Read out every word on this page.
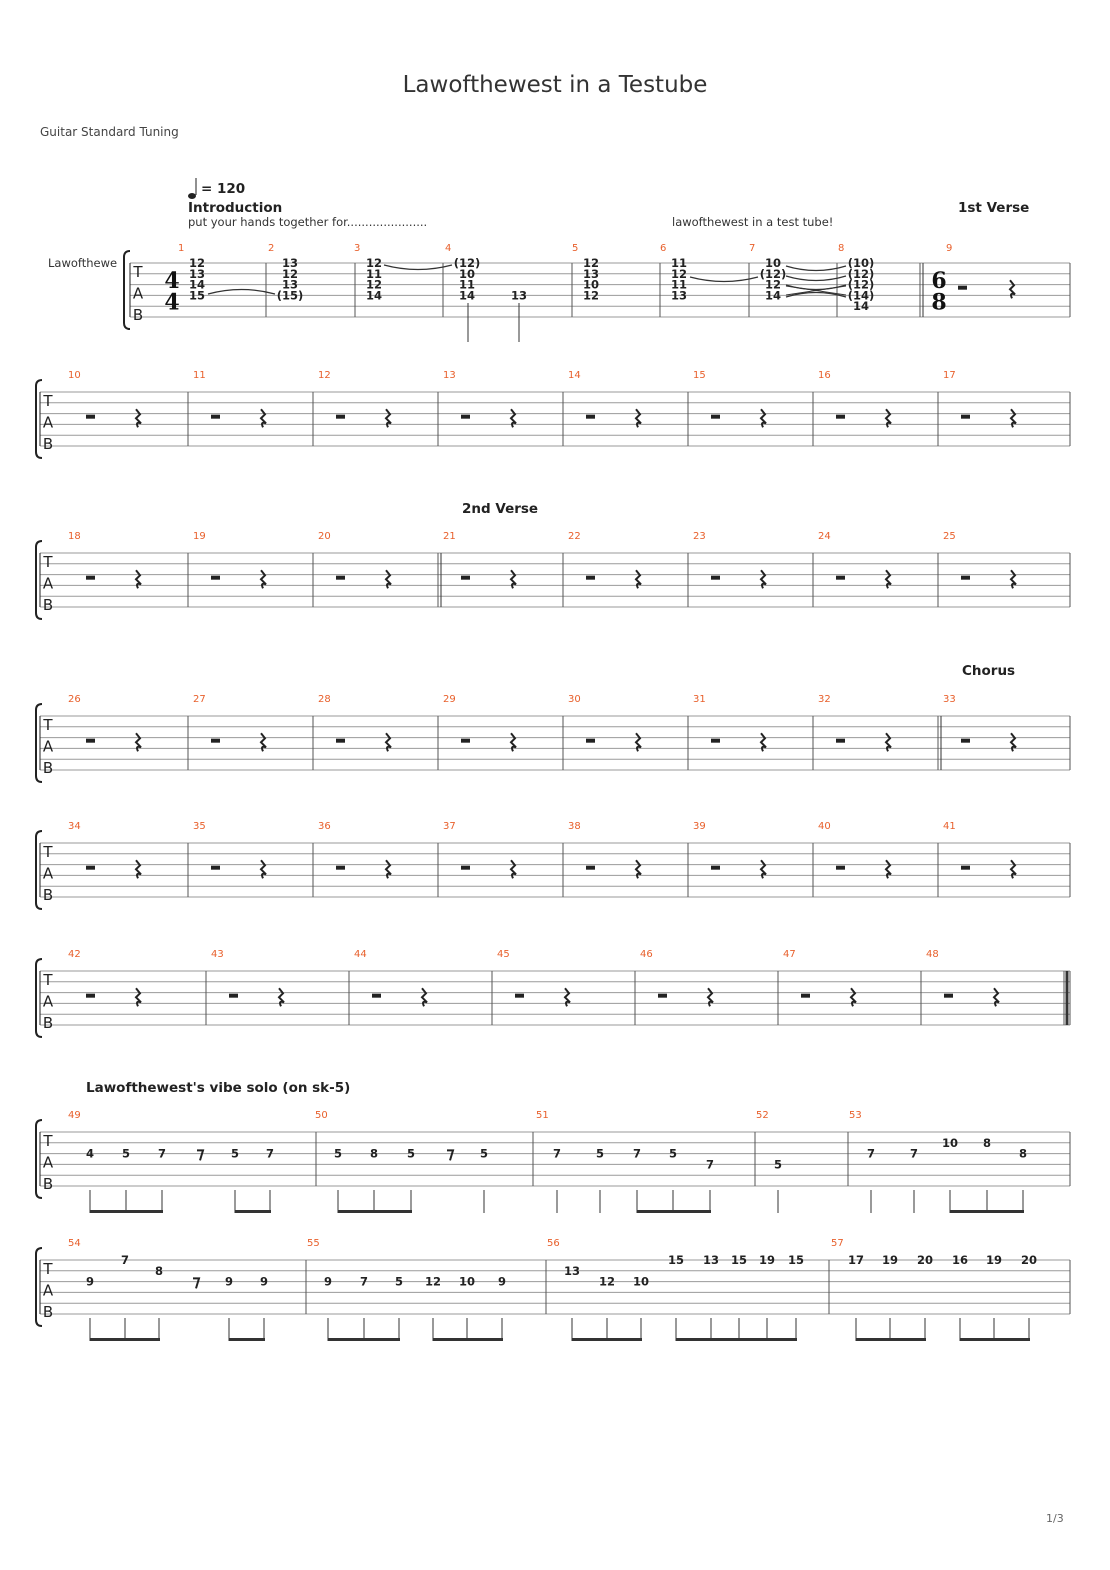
Lawofthewest in a Testube
Guitar Standard Tuning
1/3
T
A
B
Lawofthewe
4
4
= 120
Introduction
put your hands together for......................	lawofthewest in a test tube!
1st Verse
1
12
13
14
15
2
13
12
13
(15)
3
12
11
12
14
4
(12)
10
11
14	13
5
12
13
10
12
6
11
12
11
13
7
10
(12)
12
14
8
(10)
(12)
(12)
(14)
14
9
6
8
T
A
B
10	11	12	13	14	15	16	17
T
A
B
18	19	20	21	22	23	24	25
T
A
B
26	27	28	29	30	31	32	33
T
A
B
34	35	36	37	38	39	40	41
T
A
B
42	43	44	45	46	47	48
2nd Verse
Chorus
Lawofthewest's vibe solo (on sk-5)
T
A
B
49
4 5 7	5 7
50
5 8	5	5
51
7	5	7 5
7
52
5
53
7	7
10 8
8
T
A
B
54
9
7
8
9 9
55
9 7 5 12 10 9
56
13
12 10
15 13 15 19 15
57
17 19 20 16 19 20
